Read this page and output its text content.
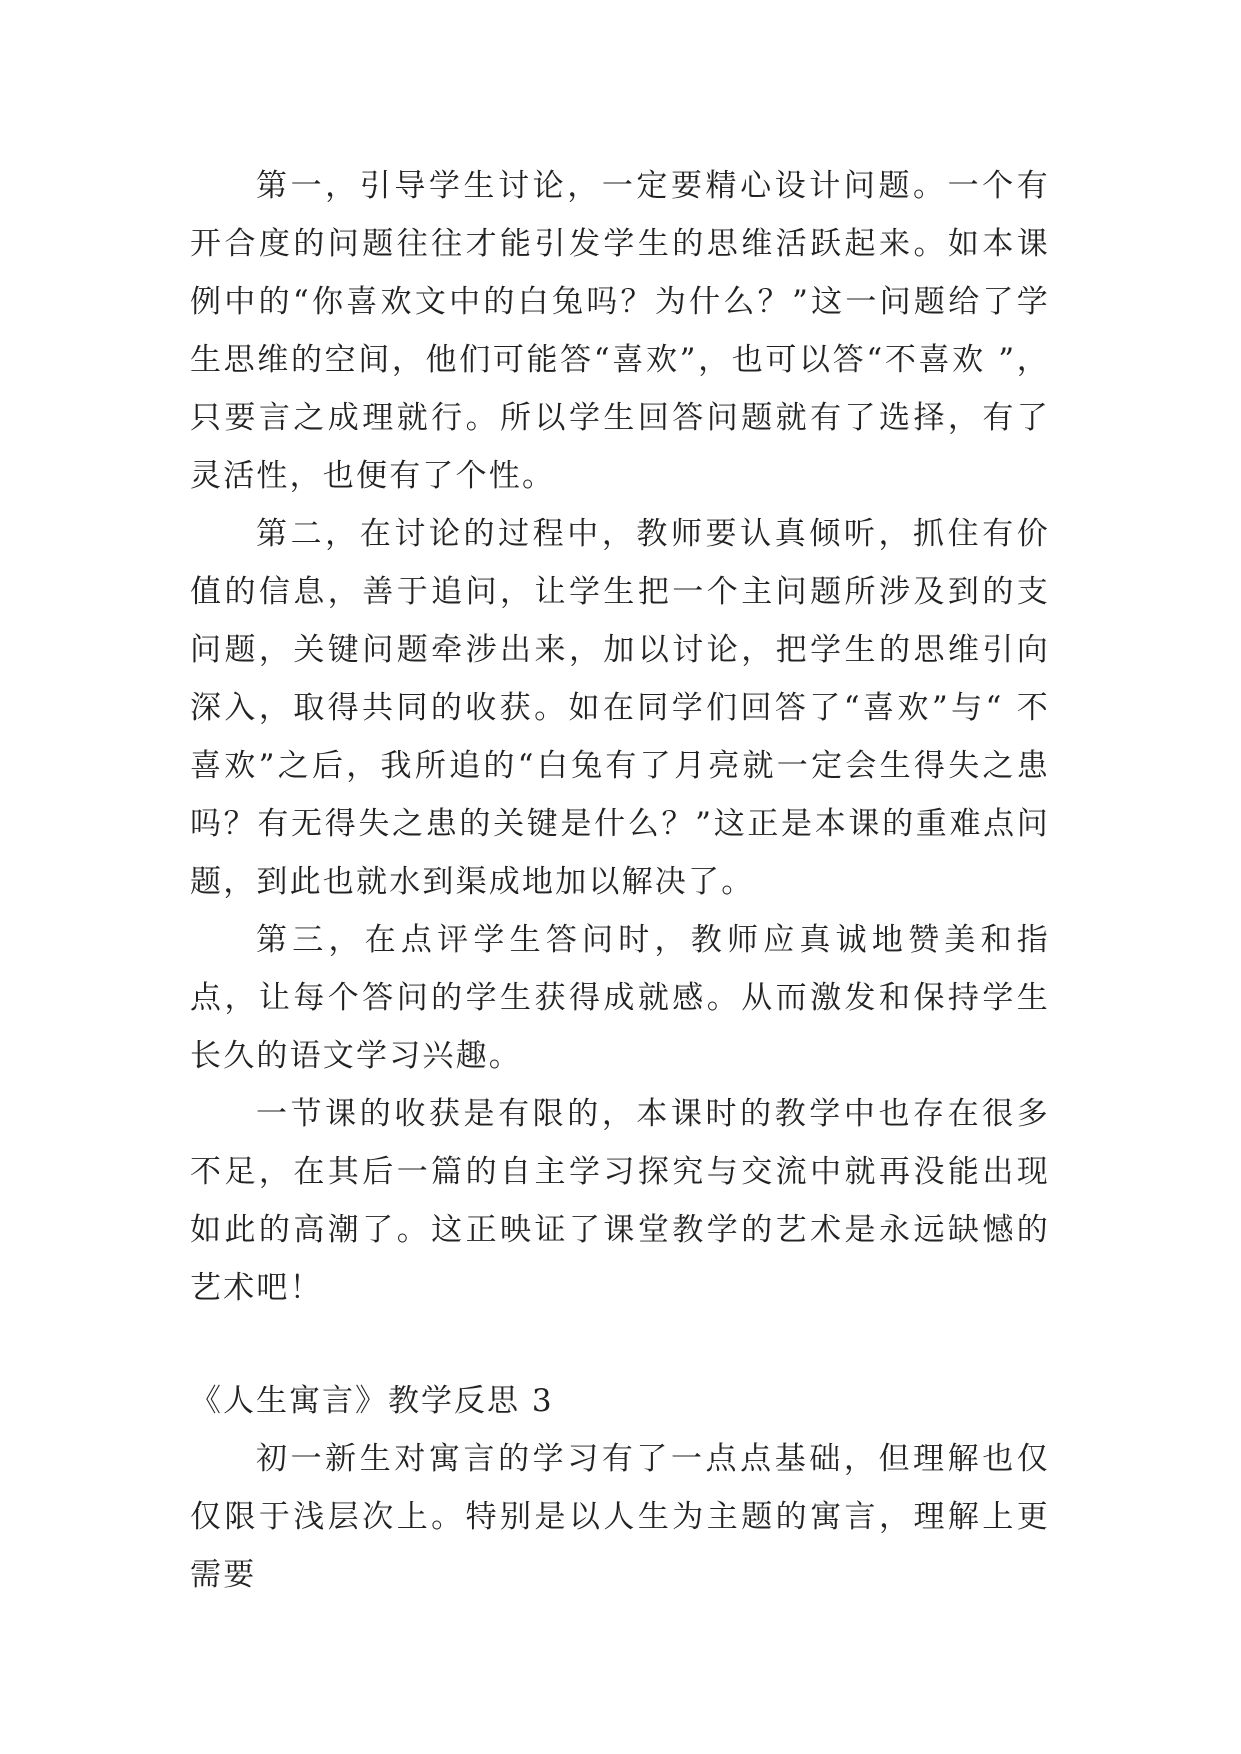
第一，引导学生讨论，一定要精心设计问题。一个有开合度的问题往往才能引发学生的思维活跃起来。如本课例中的“你喜欢文中的白兔吗？为什么？”这一问题给了学生思维的空间，他们可能答“喜欢”，也可以答“不喜欢 ”，只要言之成理就行。所以学生回答问题就有了选择，有了灵活性，也便有了个性。

第二，在讨论的过程中，教师要认真倾听，抓住有价值的信息，善于追问，让学生把一个主问题所涉及到的支问题，关键问题牵涉出来，加以讨论，把学生的思维引向深入，取得共同的收获。如在同学们回答了“喜欢”与“ 不喜欢”之后，我所追的“白兔有了月亮就一定会生得失之患吗？有无得失之患的关键是什么？”这正是本课的重难点问题，到此也就水到渠成地加以解决了。

第三，在点评学生答问时，教师应真诚地赞美和指点，让每个答问的学生获得成就感。从而激发和保持学生长久的语文学习兴趣。

一节课的收获是有限的，本课时的教学中也存在很多不足，在其后一篇的自主学习探究与交流中就再没能出现如此的高潮了。这正映证了课堂教学的艺术是永远缺憾的艺术吧！

《人生寓言》教学反思 3

初一新生对寓言的学习有了一点点基础，但理解也仅仅限于浅层次上。特别是以人生为主题的寓言，理解上更需要
